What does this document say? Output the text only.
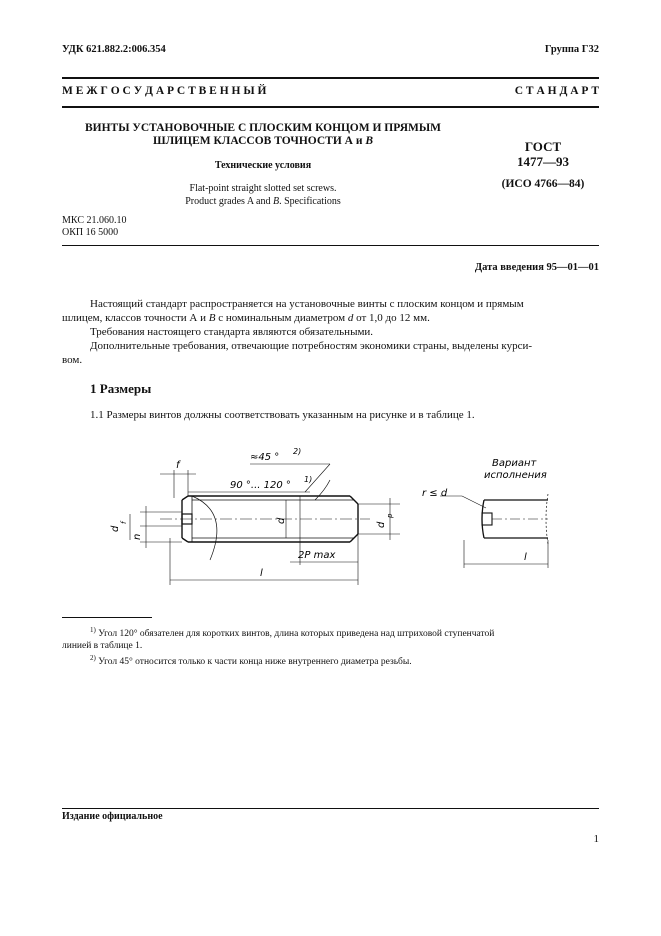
УДК 621.882.2:006.354	Группа Г32
М Е Ж Г О С У Д А Р С Т В Е Н Н Ы Й	С Т А Н Д А Р Т
ВИНТЫ УСТАНОВОЧНЫЕ С ПЛОСКИМ КОНЦОМ И ПРЯМЫМ
ШЛИЦЕМ КЛАССОВ ТОЧНОСТИ А и В
Технические условия
Flat-point straight slotted set screws.
Product grades A and B. Specifications
ГОСТ
1477—93
(ИСО 4766—84)
МКС 21.060.10
ОКП 16 5000
Дата введения 95—01—01
Настоящий стандарт распространяется на установочные винты с плоским концом и прямым
шлицем, классов точности А и В с номинальным диаметром d от 1,0 до 12 мм.
Требования настоящего стандарта являются обязательными.
Дополнительные требования, отвечающие потребностям экономики страны, выделены курси-
вом.
1 Размеры
1.1 Размеры винтов должны соответствовать указанным на рисунке и в таблице 1.
f
≈45 °
2)
90 °... 120 °
1)
d
d
f
n
d
p
2P max
l
Вариант
исполнения
r ≤ d
l
$^{1)}$ Угол 120° обязателен для коротких винтов, длина которых приведена над штриховой ступенчатой
линией в таблице 1.
$^{2)}$ Угол 45° относится только к части конца ниже внутреннего диаметра резьбы.
Издание официальное
1
